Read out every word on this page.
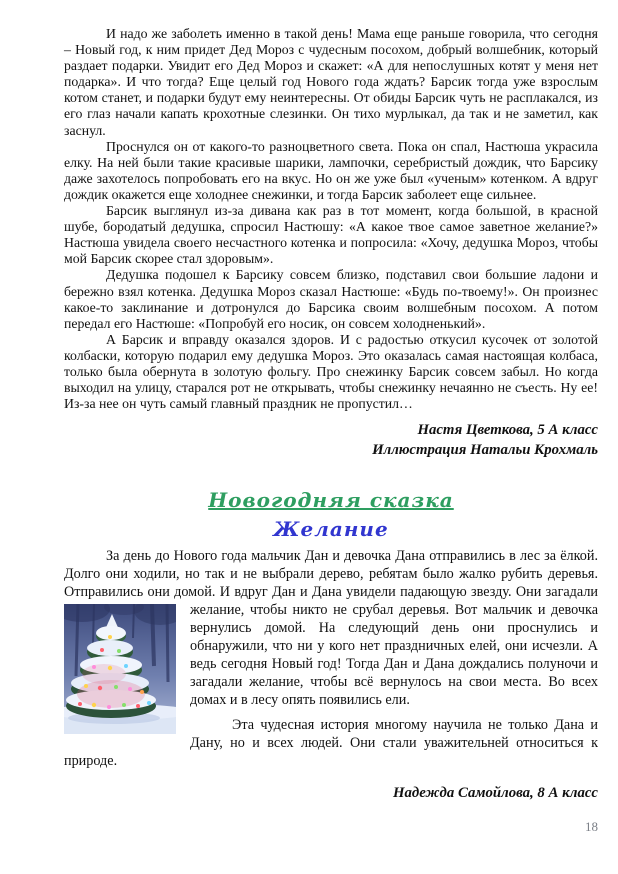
И надо же заболеть именно в такой день! Мама еще раньше говорила, что сегодня – Новый год, к ним придет Дед Мороз с чудесным посохом, добрый волшебник, который раздает подарки. Увидит его Дед Мороз и скажет: «А для непослушных котят у меня нет подарка». И что тогда? Еще целый год Нового года ждать? Барсик тогда уже взрослым котом станет, и подарки будут ему неинтересны. От обиды Барсик чуть не расплакался, из его глаз начали капать крохотные слезинки. Он тихо мурлыкал, да так и не заметил, как заснул.

Проснулся он от какого-то разноцветного света. Пока он спал, Настюша украсила елку. На ней были такие красивые шарики, лампочки, серебристый дождик, что Барсику даже захотелось попробовать его на вкус. Но он же уже был «ученым» котенком. А вдруг дождик окажется еще холоднее снежинки, и тогда Барсик заболеет еще сильнее.

Барсик выглянул из-за дивана как раз в тот момент, когда большой, в красной шубе, бородатый дедушка, спросил Настюшу: «А какое твое самое заветное желание?» Настюша увидела своего несчастного котенка и попросила: «Хочу, дедушка Мороз, чтобы мой Барсик скорее стал здоровым».

Дедушка подошел к Барсику совсем близко, подставил свои большие ладони и бережно взял котенка. Дедушка Мороз сказал Настюше: «Будь по-твоему!». Он произнес какое-то заклинание и дотронулся до Барсика своим волшебным посохом. А потом передал его Настюше: «Попробуй его носик, он совсем холодненький».

А Барсик и вправду оказался здоров. И с радостью откусил кусочек от золотой колбаски, которую подарил ему дедушка Мороз. Это оказалась самая настоящая колбаса, только была обернута в золотую фольгу. Про снежинку Барсик совсем забыл. Но когда выходил на улицу, старался рот не открывать, чтобы снежинку нечаянно не съесть. Ну ее! Из-за нее он чуть самый главный праздник не пропустил…

Настя Цветкова, 5 А класс
Иллюстрация Натальи Крохмаль
Новогодняя сказка
Желание

За день до Нового года мальчик Дан и девочка Дана отправились в лес за ёлкой. Долго они ходили, но так и не выбрали дерево, ребятам было жалко рубить деревья. Отправились они домой. И вдруг Дан и Дана увидели падающую звезду. Они загадали
желание, чтобы никто не срубал деревья. Вот мальчик и девочка вернулись домой. На следующий день они проснулись и обнаружили, что ни у кого нет праздничных елей, они исчезли. А ведь сегодня Новый год! Тогда Дан и Дана дождались полуночи и загадали желание, чтобы всё вернулось на свои места. Во всех домах и в лесу опять появились ели.

Эта чудесная история многому научила не только Дана и Дану, но и всех людей. Они стали уважительней относиться к природе.

Надежда Самойлова, 8 А класс
18
